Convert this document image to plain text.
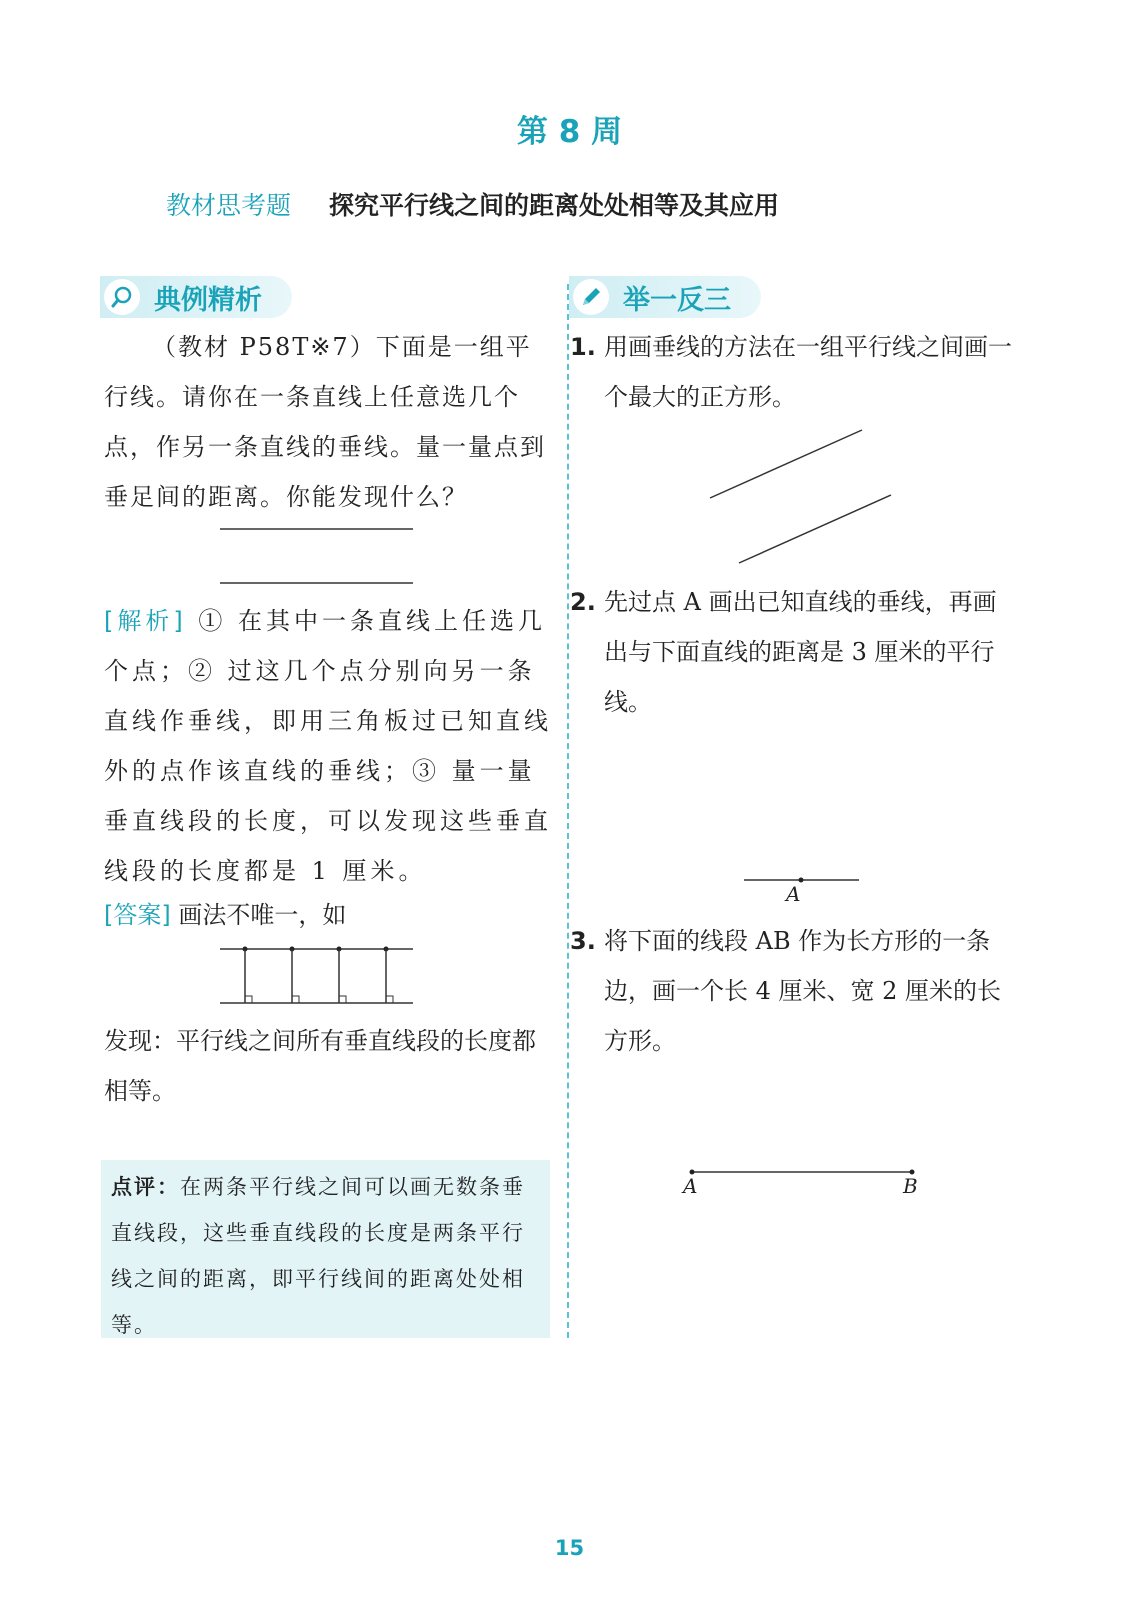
第 8 周
教材思考题 探究平行线之间的距离处处相等及其应用
典例精析
（教材 P58T※7）下面是一组平行线。请你在一条直线上任意选几个点，作另一条直线的垂线。量一量点到垂足间的距离。你能发现什么？
[解析] ① 在其中一条直线上任选几个点；② 过这几个点分别向另一条直线作垂线，即用三角板过已知直线外的点作该直线的垂线；③ 量一量垂直线段的长度，可以发现这些垂直线段的长度都是 1 厘米。
[答案] 画法不唯一，如
发现：平行线之间所有垂直线段的长度都相等。
点评：在两条平行线之间可以画无数条垂直线段，这些垂直线段的长度是两条平行线之间的距离，即平行线间的距离处处相等。
举一反三
1. 用画垂线的方法在一组平行线之间画一个最大的正方形。
2. 先过点 A 画出已知直线的垂线，再画出与下面直线的距离是 3 厘米的平行线。
A
3. 将下面的线段 AB 作为长方形的一条边，画一个长 4 厘米、宽 2 厘米的长方形。
A	B
15
